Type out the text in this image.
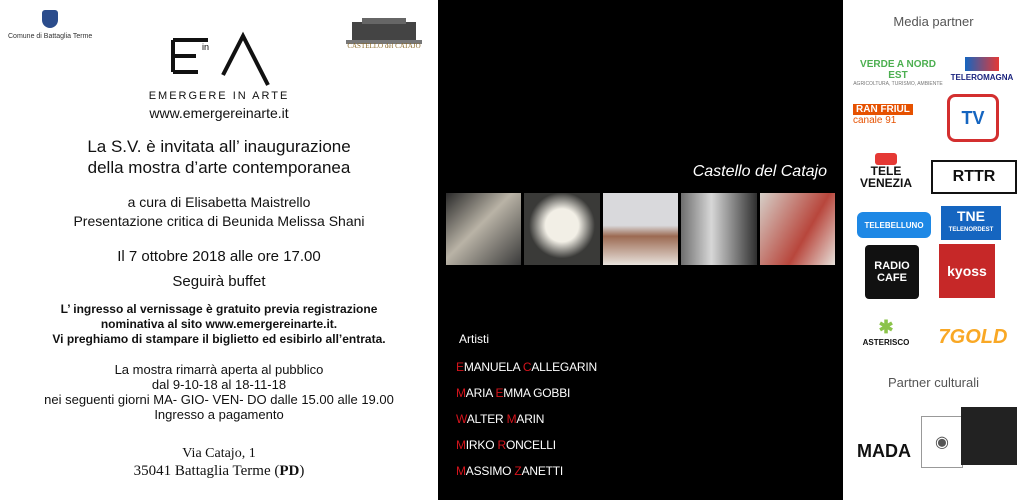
Comune di Battaglia Terme
CASTELLO del CATAJO
in
EMERGERE IN ARTE
www.emergereinarte.it
La S.V. è invitata all’ inaugurazione
della mostra d’arte contemporanea
a cura di Elisabetta Maistrello
Presentazione critica di Beunida Melissa Shani
Il 7 ottobre 2018 alle ore 17.00
Seguirà buffet
L’ ingresso al vernissage è gratuito previa registrazione
nominativa al sito www.emergereinarte.it.
Vi preghiamo di stampare il biglietto ed esibirlo all’entrata.
La mostra rimarrà aperta al pubblico
dal 9-10-18 al 18-11-18
nei seguenti giorni MA- GIO- VEN- DO dalle 15.00 alle 19.00
Ingresso a pagamento
Via Catajo, 1
35041 Battaglia Terme (PD)
Castello del Catajo
Artisti
EMANUELA CALLEGARIN
MARIA EMMA GOBBI
WALTER MARIN
MIRKO RONCELLI
MASSIMO ZANETTI
Media partner
VERDE A NORD EST
AGRICOLTURA, TURISMO, AMBIENTE
TELEROMAGNA
RAN FRIUL
canale 91	TV
TELE VENEZIA	RTTR
TELEBELLUNO
TNE
TELENORDEST
RADIO CAFE	kyoss
✱
ASTERISCO	7GOLD
Partner culturali
MADA	◉
